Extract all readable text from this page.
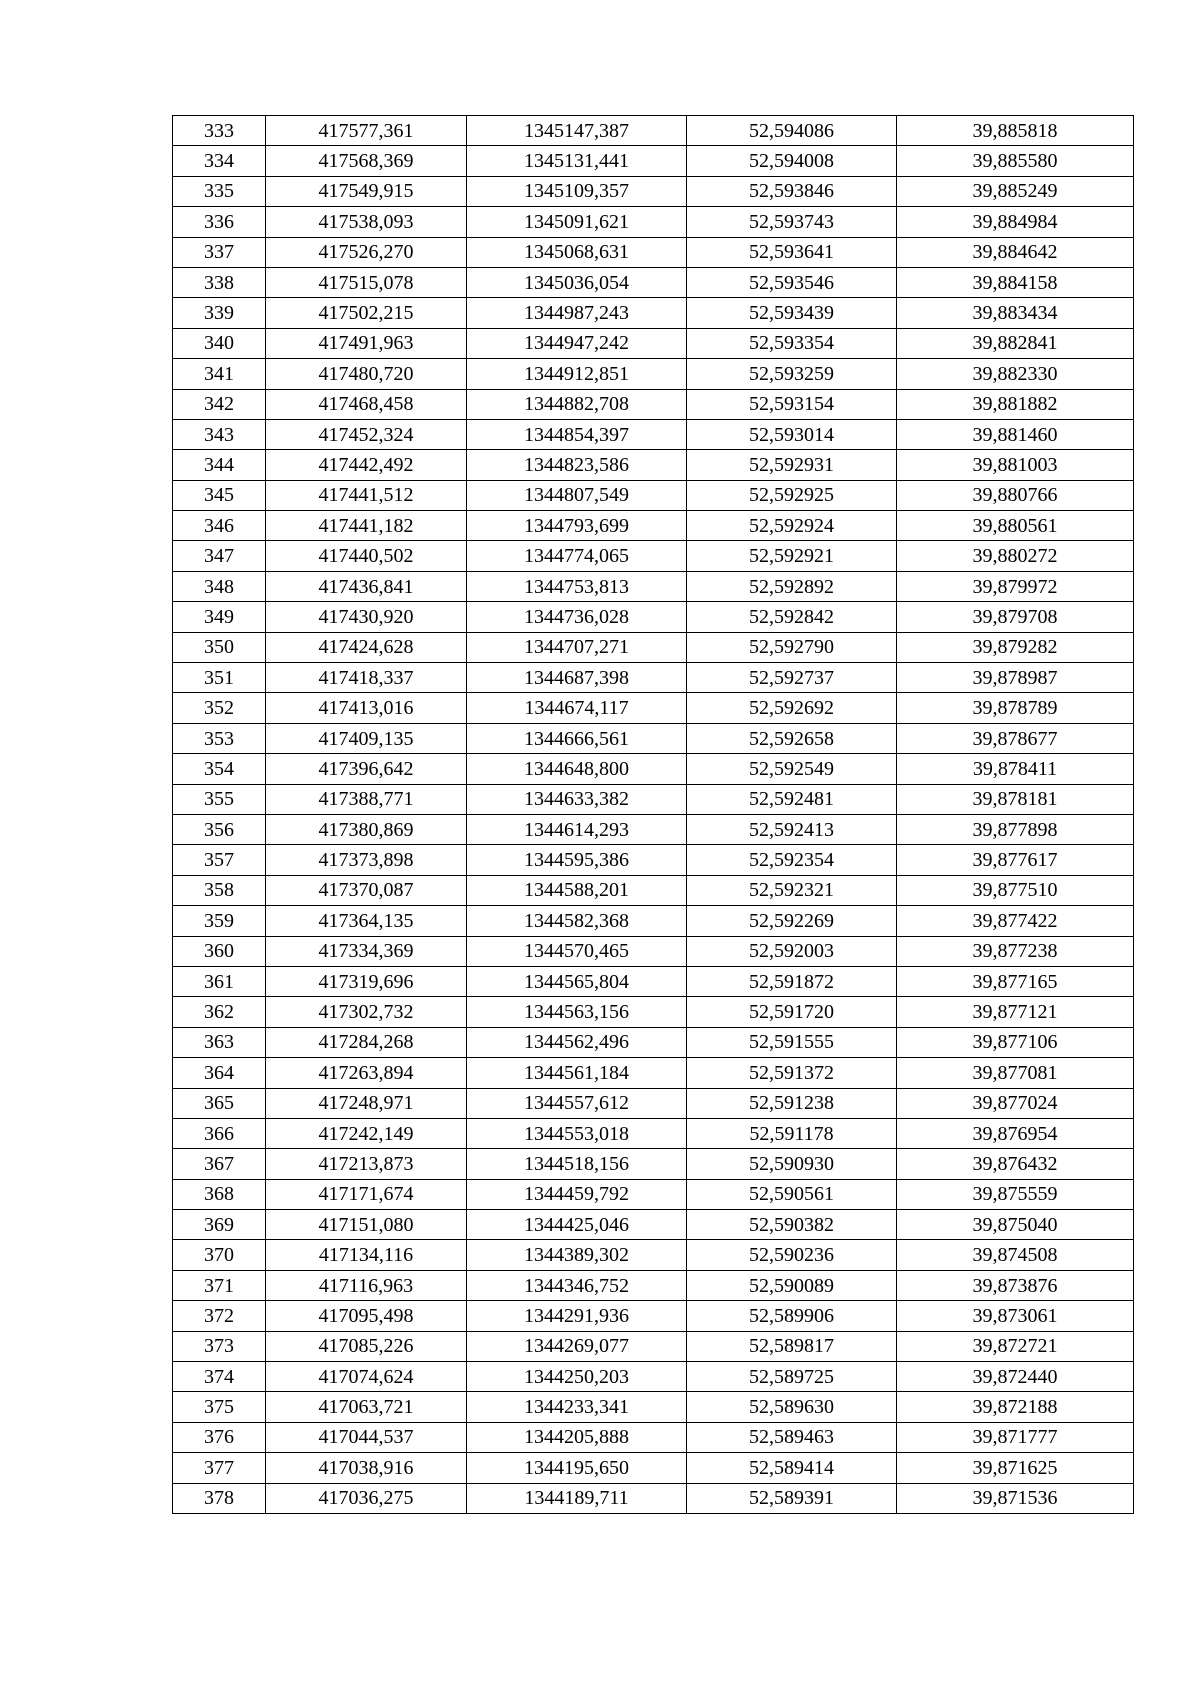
333	417577,361	1345147,387	52,594086	39,885818
334	417568,369	1345131,441	52,594008	39,885580
335	417549,915	1345109,357	52,593846	39,885249
336	417538,093	1345091,621	52,593743	39,884984
337	417526,270	1345068,631	52,593641	39,884642
338	417515,078	1345036,054	52,593546	39,884158
339	417502,215	1344987,243	52,593439	39,883434
340	417491,963	1344947,242	52,593354	39,882841
341	417480,720	1344912,851	52,593259	39,882330
342	417468,458	1344882,708	52,593154	39,881882
343	417452,324	1344854,397	52,593014	39,881460
344	417442,492	1344823,586	52,592931	39,881003
345	417441,512	1344807,549	52,592925	39,880766
346	417441,182	1344793,699	52,592924	39,880561
347	417440,502	1344774,065	52,592921	39,880272
348	417436,841	1344753,813	52,592892	39,879972
349	417430,920	1344736,028	52,592842	39,879708
350	417424,628	1344707,271	52,592790	39,879282
351	417418,337	1344687,398	52,592737	39,878987
352	417413,016	1344674,117	52,592692	39,878789
353	417409,135	1344666,561	52,592658	39,878677
354	417396,642	1344648,800	52,592549	39,878411
355	417388,771	1344633,382	52,592481	39,878181
356	417380,869	1344614,293	52,592413	39,877898
357	417373,898	1344595,386	52,592354	39,877617
358	417370,087	1344588,201	52,592321	39,877510
359	417364,135	1344582,368	52,592269	39,877422
360	417334,369	1344570,465	52,592003	39,877238
361	417319,696	1344565,804	52,591872	39,877165
362	417302,732	1344563,156	52,591720	39,877121
363	417284,268	1344562,496	52,591555	39,877106
364	417263,894	1344561,184	52,591372	39,877081
365	417248,971	1344557,612	52,591238	39,877024
366	417242,149	1344553,018	52,591178	39,876954
367	417213,873	1344518,156	52,590930	39,876432
368	417171,674	1344459,792	52,590561	39,875559
369	417151,080	1344425,046	52,590382	39,875040
370	417134,116	1344389,302	52,590236	39,874508
371	417116,963	1344346,752	52,590089	39,873876
372	417095,498	1344291,936	52,589906	39,873061
373	417085,226	1344269,077	52,589817	39,872721
374	417074,624	1344250,203	52,589725	39,872440
375	417063,721	1344233,341	52,589630	39,872188
376	417044,537	1344205,888	52,589463	39,871777
377	417038,916	1344195,650	52,589414	39,871625
378	417036,275	1344189,711	52,589391	39,871536
